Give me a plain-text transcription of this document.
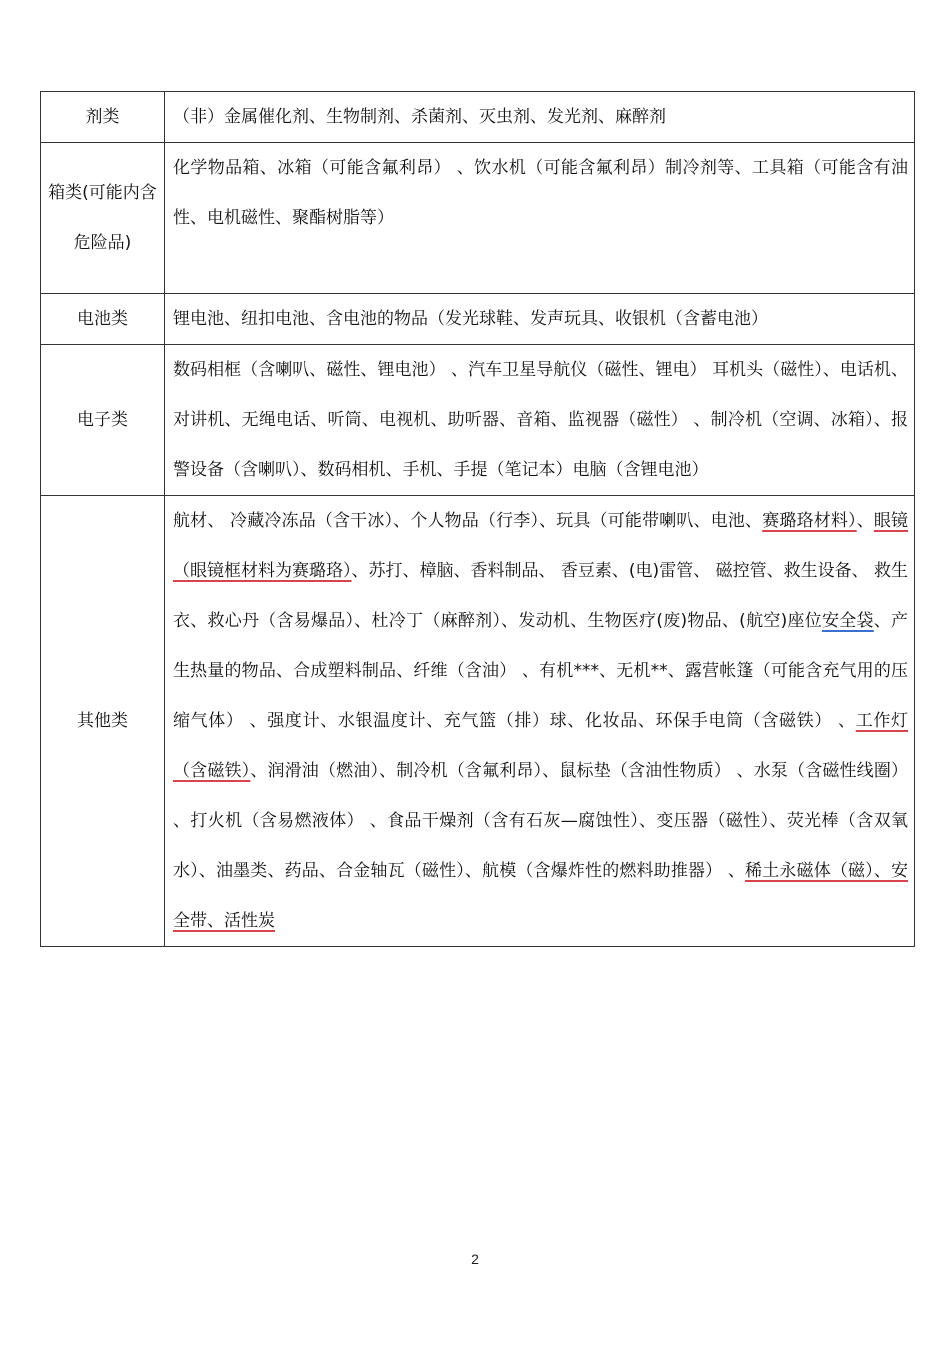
剂类	（非）金属催化剂、生物制剂、杀菌剂、灭虫剂、发光剂、麻醉剂
箱类(可能内含危险品)	化学物品箱、冰箱（可能含氟利昂） 、饮水机（可能含氟利昂）制冷剂等、工具箱（可能含有油性、电机磁性、聚酯树脂等）
电池类	锂电池、纽扣电池、含电池的物品（发光球鞋、发声玩具、收银机（含蓄电池）
电子类	数码相框（含喇叭、磁性、锂电池） 、汽车卫星导航仪（磁性、锂电） 耳机头（磁性）、电话机、对讲机、无绳电话、听筒、电视机、助听器、音箱、监视器（磁性） 、制冷机（空调、冰箱）、报警设备（含喇叭）、数码相机、手机、手提（笔记本）电脑（含锂电池）
其他类	航材、 冷藏冷冻品（含干冰）、个人物品（行李）、玩具（可能带喇叭、电池、赛璐珞材料）、眼镜（眼镜框材料为赛璐珞）、苏打、樟脑、香料制品、 香豆素、(电)雷管、 磁控管、救生设备、 救生衣、救心丹（含易爆品）、杜冷丁（麻醉剂）、发动机、生物医疗(废)物品、(航空)座位安全袋、产生热量的物品、合成塑料制品、纤维（含油） 、有机***、无机**、露营帐篷（可能含充气用的压缩气体） 、强度计、水银温度计、充气篮（排）球、化妆品、环保手电筒（含磁铁） 、工作灯（含磁铁）、润滑油（燃油）、制冷机（含氟利昂）、鼠标垫（含油性物质） 、水泵（含磁性线圈） 、打火机（含易燃液体） 、食品干燥剂（含有石灰—腐蚀性）、变压器（磁性）、荧光棒（含双氧水）、油墨类、药品、合金轴瓦（磁性）、航模（含爆炸性的燃料助推器） 、稀土永磁体（磁）、安全带、活性炭
2
